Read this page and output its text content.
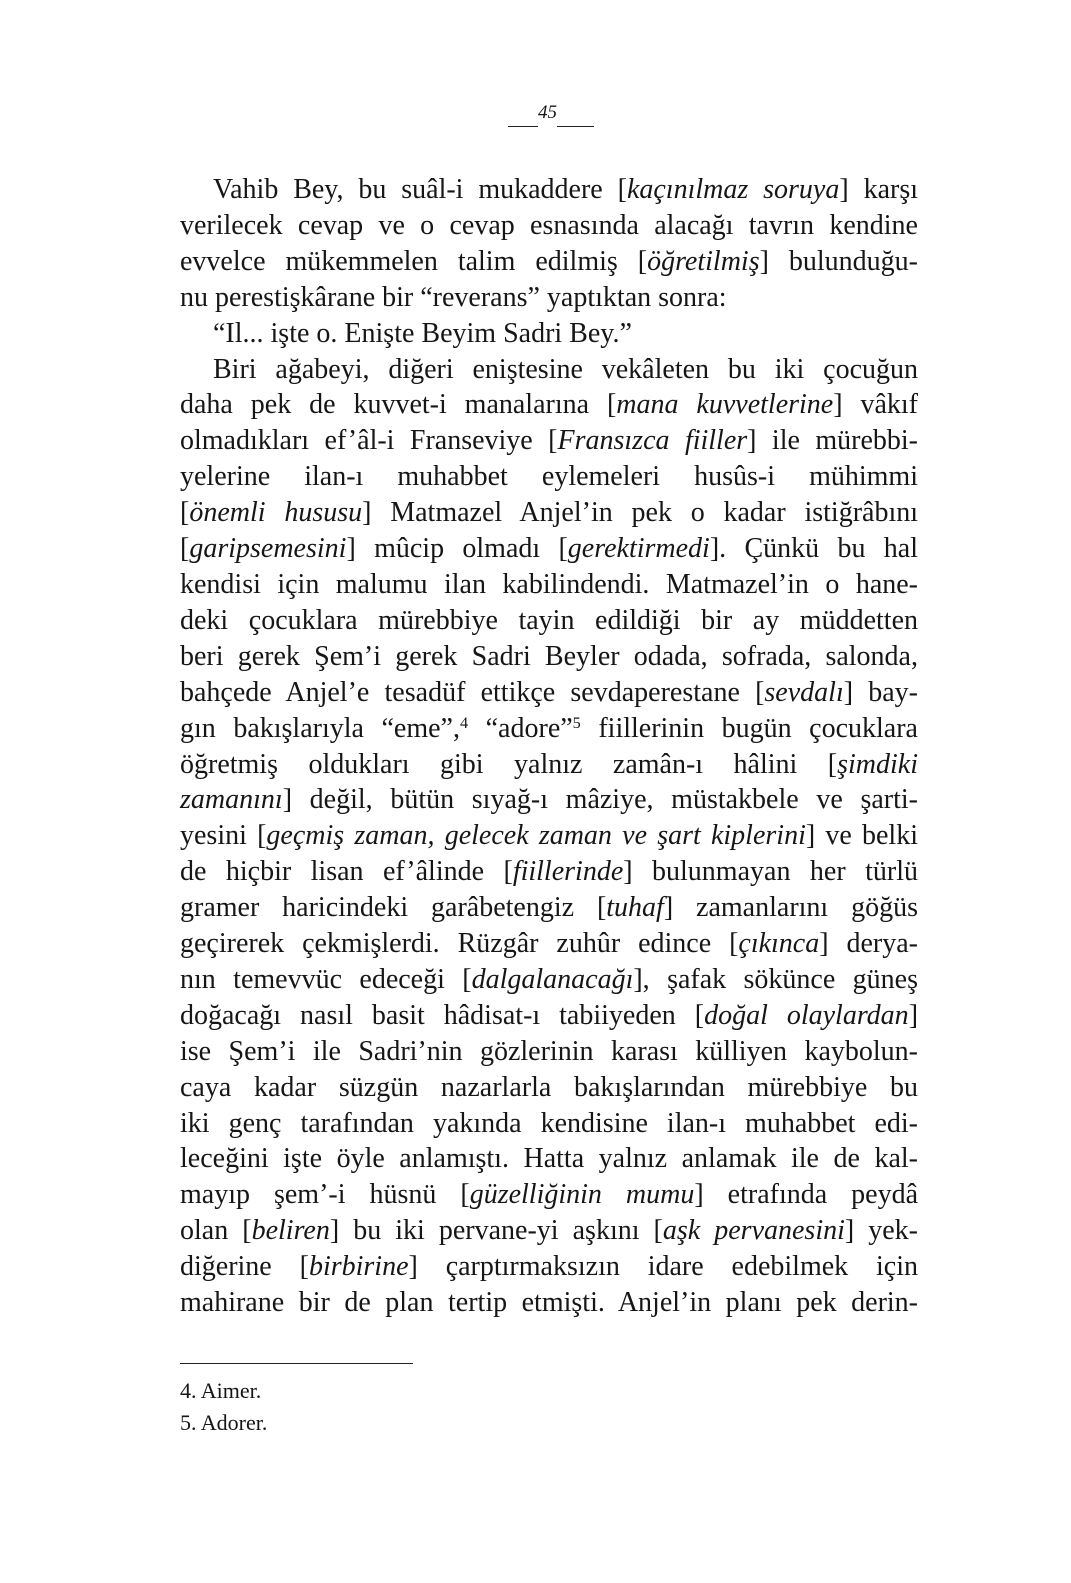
45
Vahib Bey, bu suâl-i mukaddere [kaçınılmaz soruya] karşı
verilecek cevap ve o cevap esnasında alacağı tavrın kendine
evvelce mükemmelen talim edilmiş [öğretilmiş] bulunduğu-
nu perestişkârane bir “reverans” yaptıktan sonra:
“Il... işte o. Enişte Beyim Sadri Bey.”
Biri ağabeyi, diğeri eniştesine vekâleten bu iki çocuğun
daha pek de kuvvet-i manalarına [mana kuvvetlerine] vâkıf
olmadıkları ef’âl-i Franseviye [Fransızca fiiller] ile mürebbi-
yelerine ilan-ı muhabbet eylemeleri husûs-i mühimmi
[önemli hususu] Matmazel Anjel’in pek o kadar istiğrâbını
[garipsemesini] mûcip olmadı [gerektirmedi]. Çünkü bu hal
kendisi için malumu ilan kabilindendi. Matmazel’in o hane-
deki çocuklara mürebbiye tayin edildiği bir ay müddetten
beri gerek Şem’i gerek Sadri Beyler odada, sofrada, salonda,
bahçede Anjel’e tesadüf ettikçe sevdaperestane [sevdalı] bay-
gın bakışlarıyla “eme”,$^4$ “adore”$^5$ fiillerinin bugün çocuklara
öğretmiş oldukları gibi yalnız zamân-ı hâlini [şimdiki
zamanını] değil, bütün sıyağ-ı mâziye, müstakbele ve şarti-
yesini [geçmiş zaman, gelecek zaman ve şart kiplerini] ve belki
de hiçbir lisan ef’âlinde [fiillerinde] bulunmayan her türlü
gramer haricindeki garâbetengiz [tuhaf] zamanlarını göğüs
geçirerek çekmişlerdi. Rüzgâr zuhûr edince [çıkınca] derya-
nın temevvüc edeceği [dalgalanacağı], şafak sökünce güneş
doğacağı nasıl basit hâdisat-ı tabiiyeden [doğal olaylardan]
ise Şem’i ile Sadri’nin gözlerinin karası külliyen kaybolun-
caya kadar süzgün nazarlarla bakışlarından mürebbiye bu
iki genç tarafından yakında kendisine ilan-ı muhabbet edi-
leceğini işte öyle anlamıştı. Hatta yalnız anlamak ile de kal-
mayıp şem’-i hüsnü [güzelliğinin mumu] etrafında peydâ
olan [beliren] bu iki pervane-yi aşkını [aşk pervanesini] yek-
diğerine [birbirine] çarptırmaksızın idare edebilmek için
mahirane bir de plan tertip etmişti. Anjel’in planı pek derin-
4. Aimer.
5. Adorer.
